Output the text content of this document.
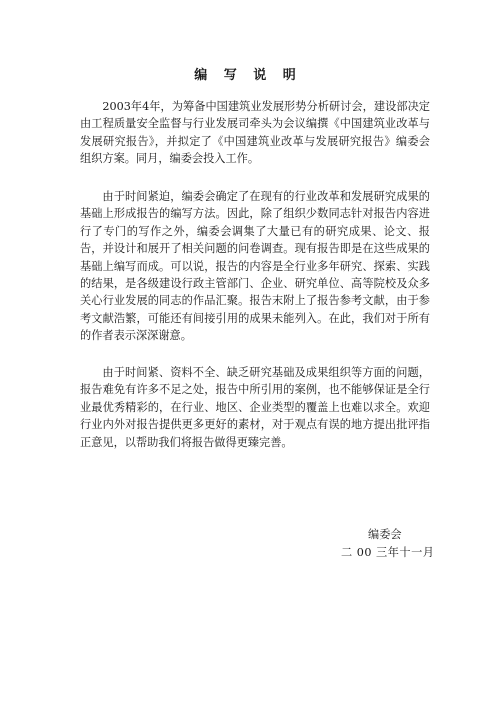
编 写 说 明

2003年4年，为筹备中国建筑业发展形势分析研讨会，建设部决定由工程质量安全监督与行业发展司牵头为会议编撰《中国建筑业改革与发展研究报告》，并拟定了《中国建筑业改革与发展研究报告》编委会组织方案。同月，编委会投入工作。

由于时间紧迫，编委会确定了在现有的行业改革和发展研究成果的基础上形成报告的编写方法。因此，除了组织少数同志针对报告内容进行了专门的写作之外，编委会调集了大量已有的研究成果、论文、报告，并设计和展开了相关问题的问卷调查。现有报告即是在这些成果的基础上编写而成。可以说，报告的内容是全行业多年研究、探索、实践的结果，是各级建设行政主管部门、企业、研究单位、高等院校及众多关心行业发展的同志的作品汇聚。报告末附上了报告参考文献，由于参考文献浩繁，可能还有间接引用的成果未能列入。在此，我们对于所有的作者表示深深谢意。

由于时间紧、资料不全、缺乏研究基础及成果组织等方面的问题，报告难免有许多不足之处，报告中所引用的案例，也不能够保证是全行业最优秀精彩的，在行业、地区、企业类型的覆盖上也难以求全。欢迎行业内外对报告提供更多更好的素材，对于观点有误的地方提出批评指正意见，以帮助我们将报告做得更臻完善。

编委会
二 00 三年十一月
